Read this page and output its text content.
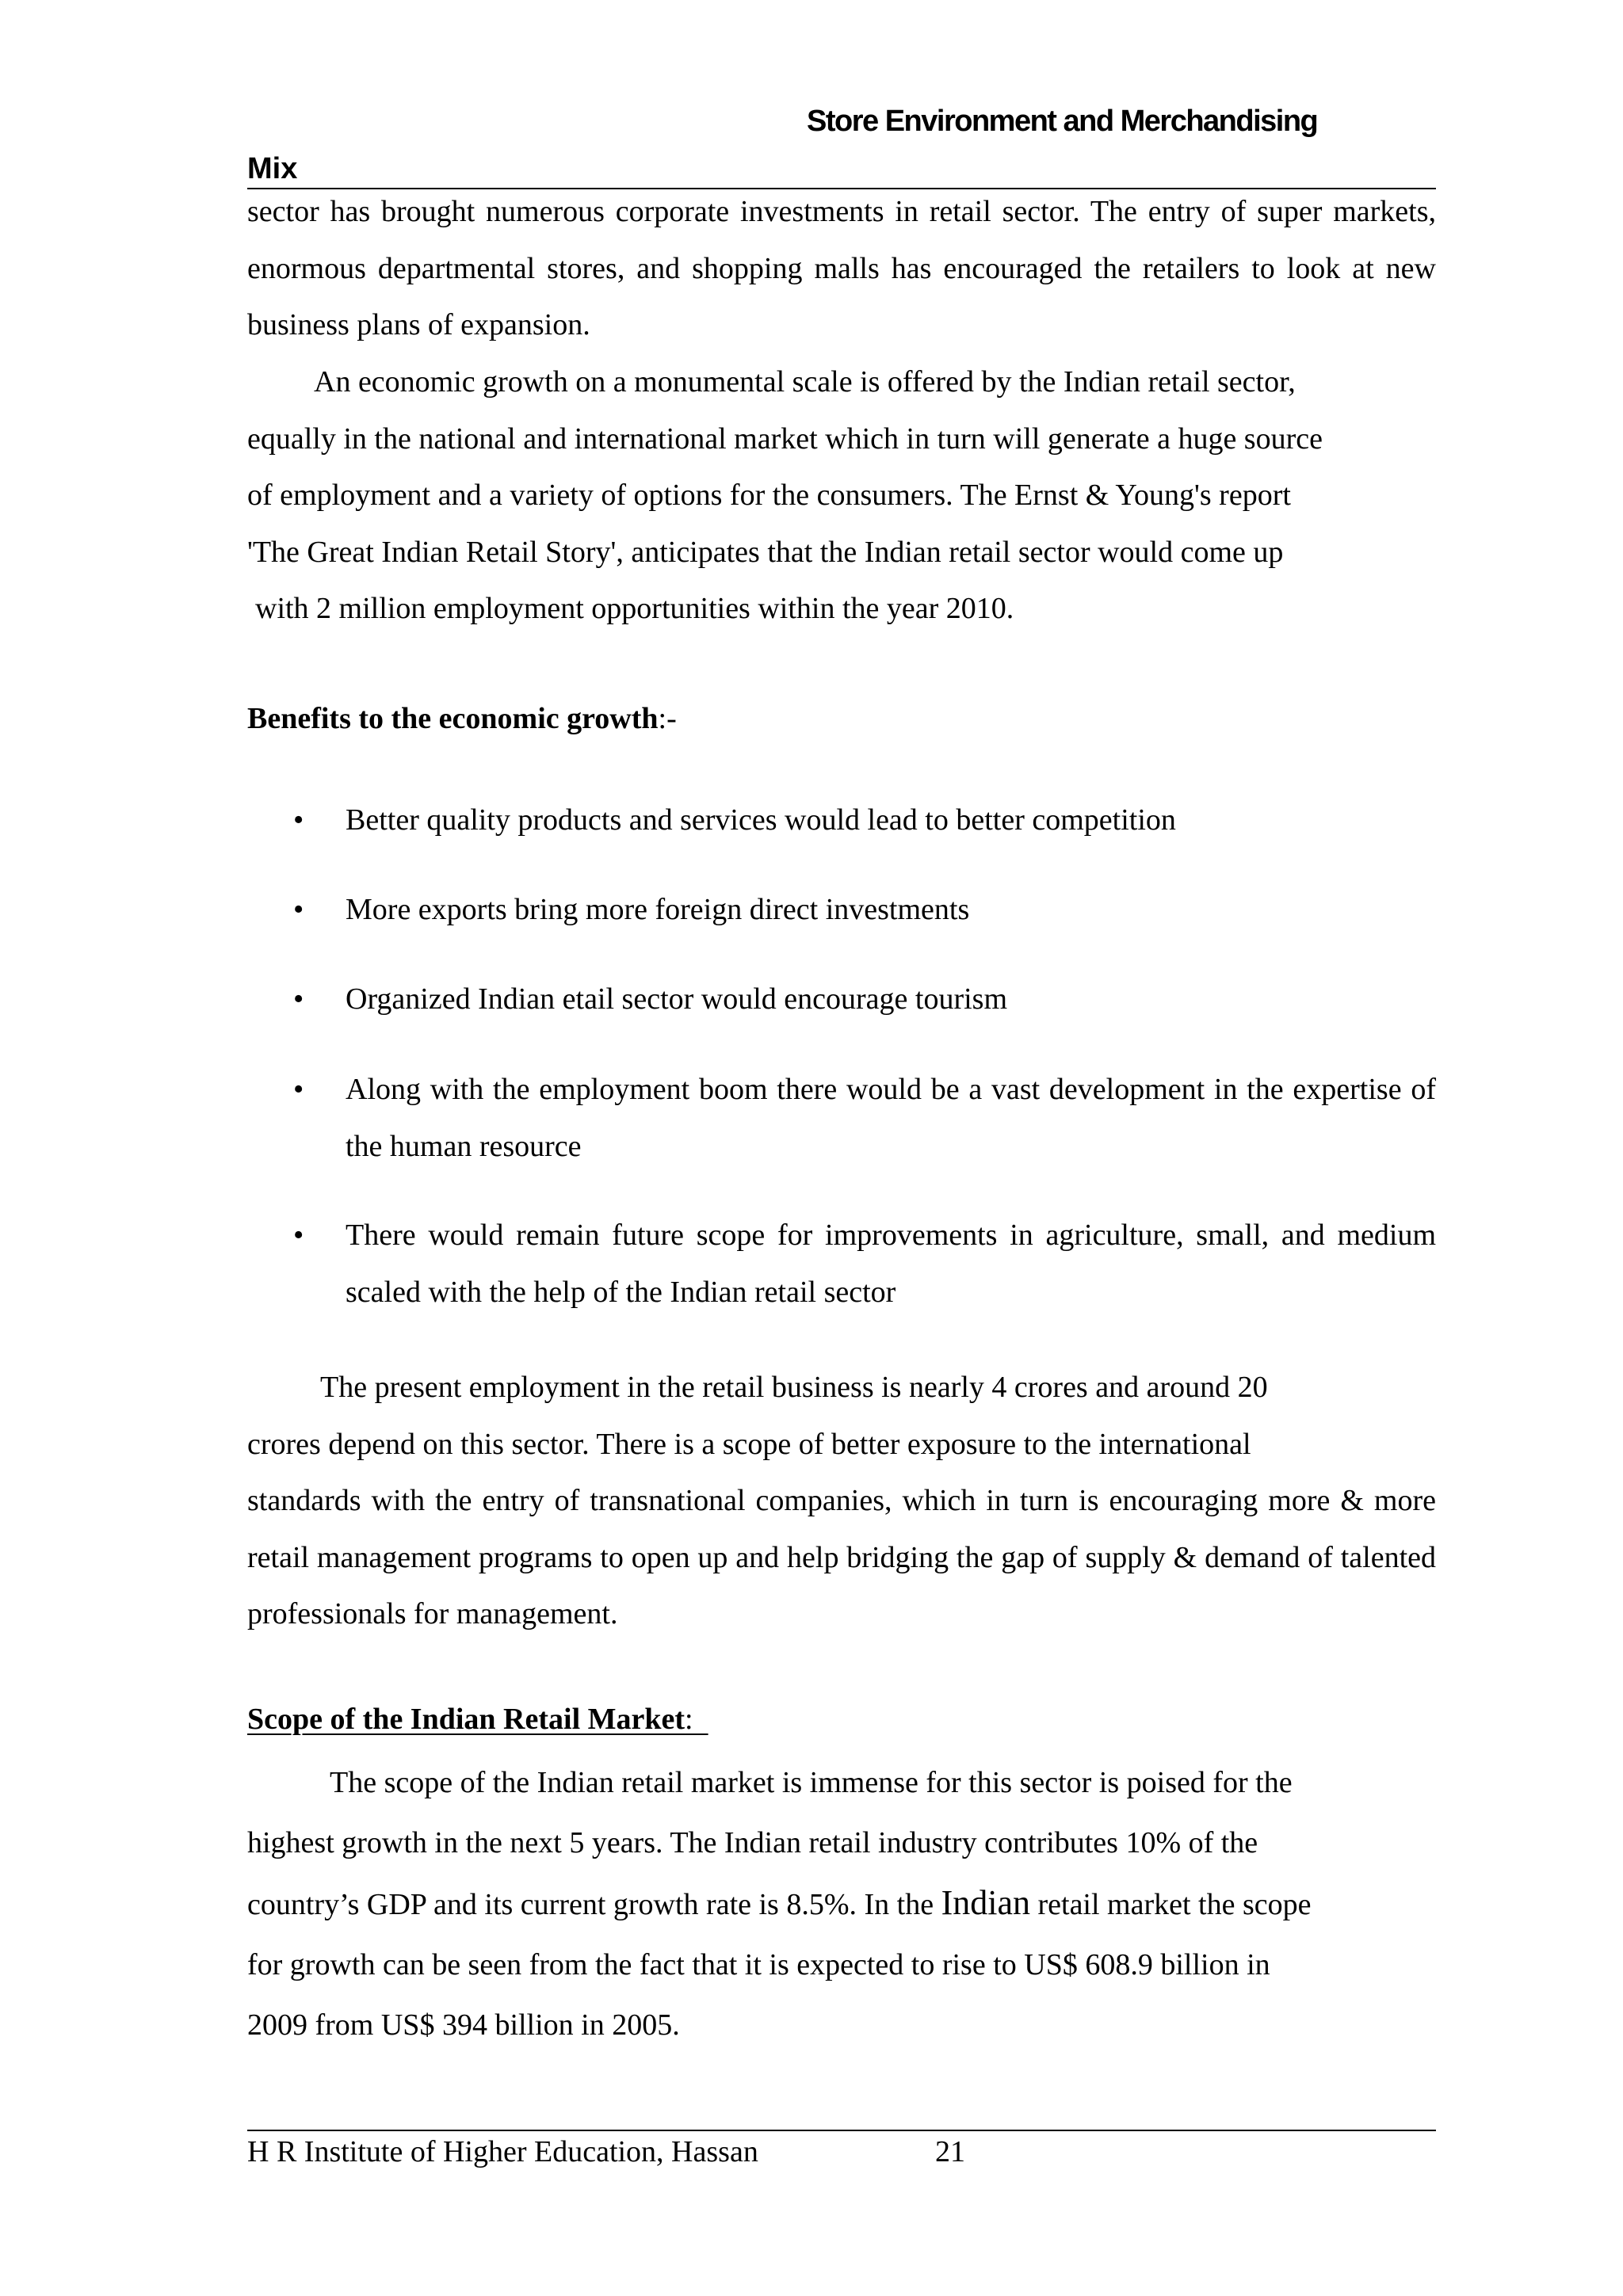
Store Environment and Merchandising
Mix
sector has brought numerous corporate investments in retail sector. The entry of super markets, enormous departmental stores, and shopping malls has encouraged the retailers to look at new business plans of expansion.
An economic growth on a monumental scale is offered by the Indian retail sector,
equally in the national and international market which in turn will generate a huge source
of employment and a variety of options for the consumers. The Ernst & Young's report
'The Great Indian Retail Story', anticipates that the Indian retail sector would come up
with 2 million employment opportunities within the year 2010.
Benefits to the economic growth:-
• Better quality products and services would lead to better competition
• More exports bring more foreign direct investments
• Organized Indian etail sector would encourage tourism
• Along with the employment boom there would be a vast development in the expertise of the human resource
• There would remain future scope for improvements in agriculture, small, and medium scaled with the help of the Indian retail sector
The present employment in the retail business is nearly 4 crores and around 20
crores depend on this sector. There is a scope of better exposure to the international
standards with the entry of transnational companies, which in turn is encouraging more & more retail management programs to open up and help bridging the gap of supply & demand of talented professionals for management.
Scope of the Indian Retail Market:
The scope of the Indian retail market is immense for this sector is poised for the
highest growth in the next 5 years. The Indian retail industry contributes 10% of the
country’s GDP and its current growth rate is 8.5%. In the Indian retail market the scope
for growth can be seen from the fact that it is expected to rise to US$ 608.9 billion in
2009 from US$ 394 billion in 2005.
H R Institute of Higher Education, Hassan	21
